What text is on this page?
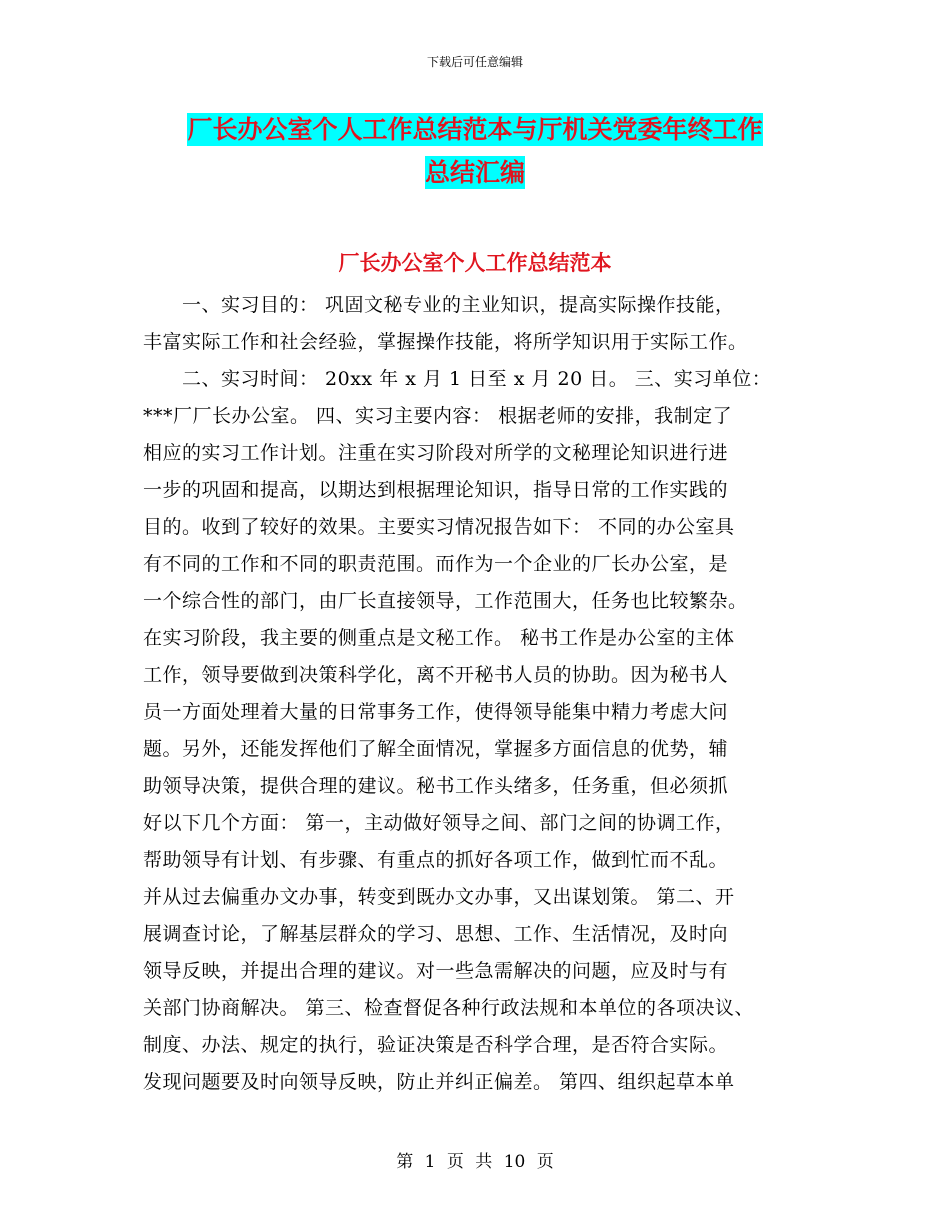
下载后可任意编辑
厂长办公室个人工作总结范本与厅机关党委年终工作
总结汇编
厂长办公室个人工作总结范本
　　一、实习目的： 巩固文秘专业的主业知识，提高实际操作技能，
丰富实际工作和社会经验，掌握操作技能，将所学知识用于实际工作。
　　二、实习时间： 20xx 年 x 月 1 日至 x 月 20 日。 三、实习单位：
***厂厂长办公室。 四、实习主要内容： 根据老师的安排，我制定了
相应的实习工作计划。注重在实习阶段对所学的文秘理论知识进行进
一步的巩固和提高，以期达到根据理论知识，指导日常的工作实践的
目的。收到了较好的效果。主要实习情况报告如下： 不同的办公室具
有不同的工作和不同的职责范围。而作为一个企业的厂长办公室，是
一个综合性的部门，由厂长直接领导，工作范围大，任务也比较繁杂。
在实习阶段，我主要的侧重点是文秘工作。 秘书工作是办公室的主体
工作，领导要做到决策科学化，离不开秘书人员的协助。因为秘书人
员一方面处理着大量的日常事务工作，使得领导能集中精力考虑大问
题。另外，还能发挥他们了解全面情况，掌握多方面信息的优势，辅
助领导决策，提供合理的建议。秘书工作头绪多，任务重，但必须抓
好以下几个方面： 第一，主动做好领导之间、部门之间的协调工作，
帮助领导有计划、有步骤、有重点的抓好各项工作，做到忙而不乱。
并从过去偏重办文办事，转变到既办文办事，又出谋划策。 第二、开
展调查讨论，了解基层群众的学习、思想、工作、生活情况，及时向
领导反映，并提出合理的建议。对一些急需解决的问题，应及时与有
关部门协商解决。 第三、检查督促各种行政法规和本单位的各项决议、
制度、办法、规定的执行，验证决策是否科学合理，是否符合实际。
发现问题要及时向领导反映，防止并纠正偏差。 第四、组织起草本单
第 1 页 共 10 页
